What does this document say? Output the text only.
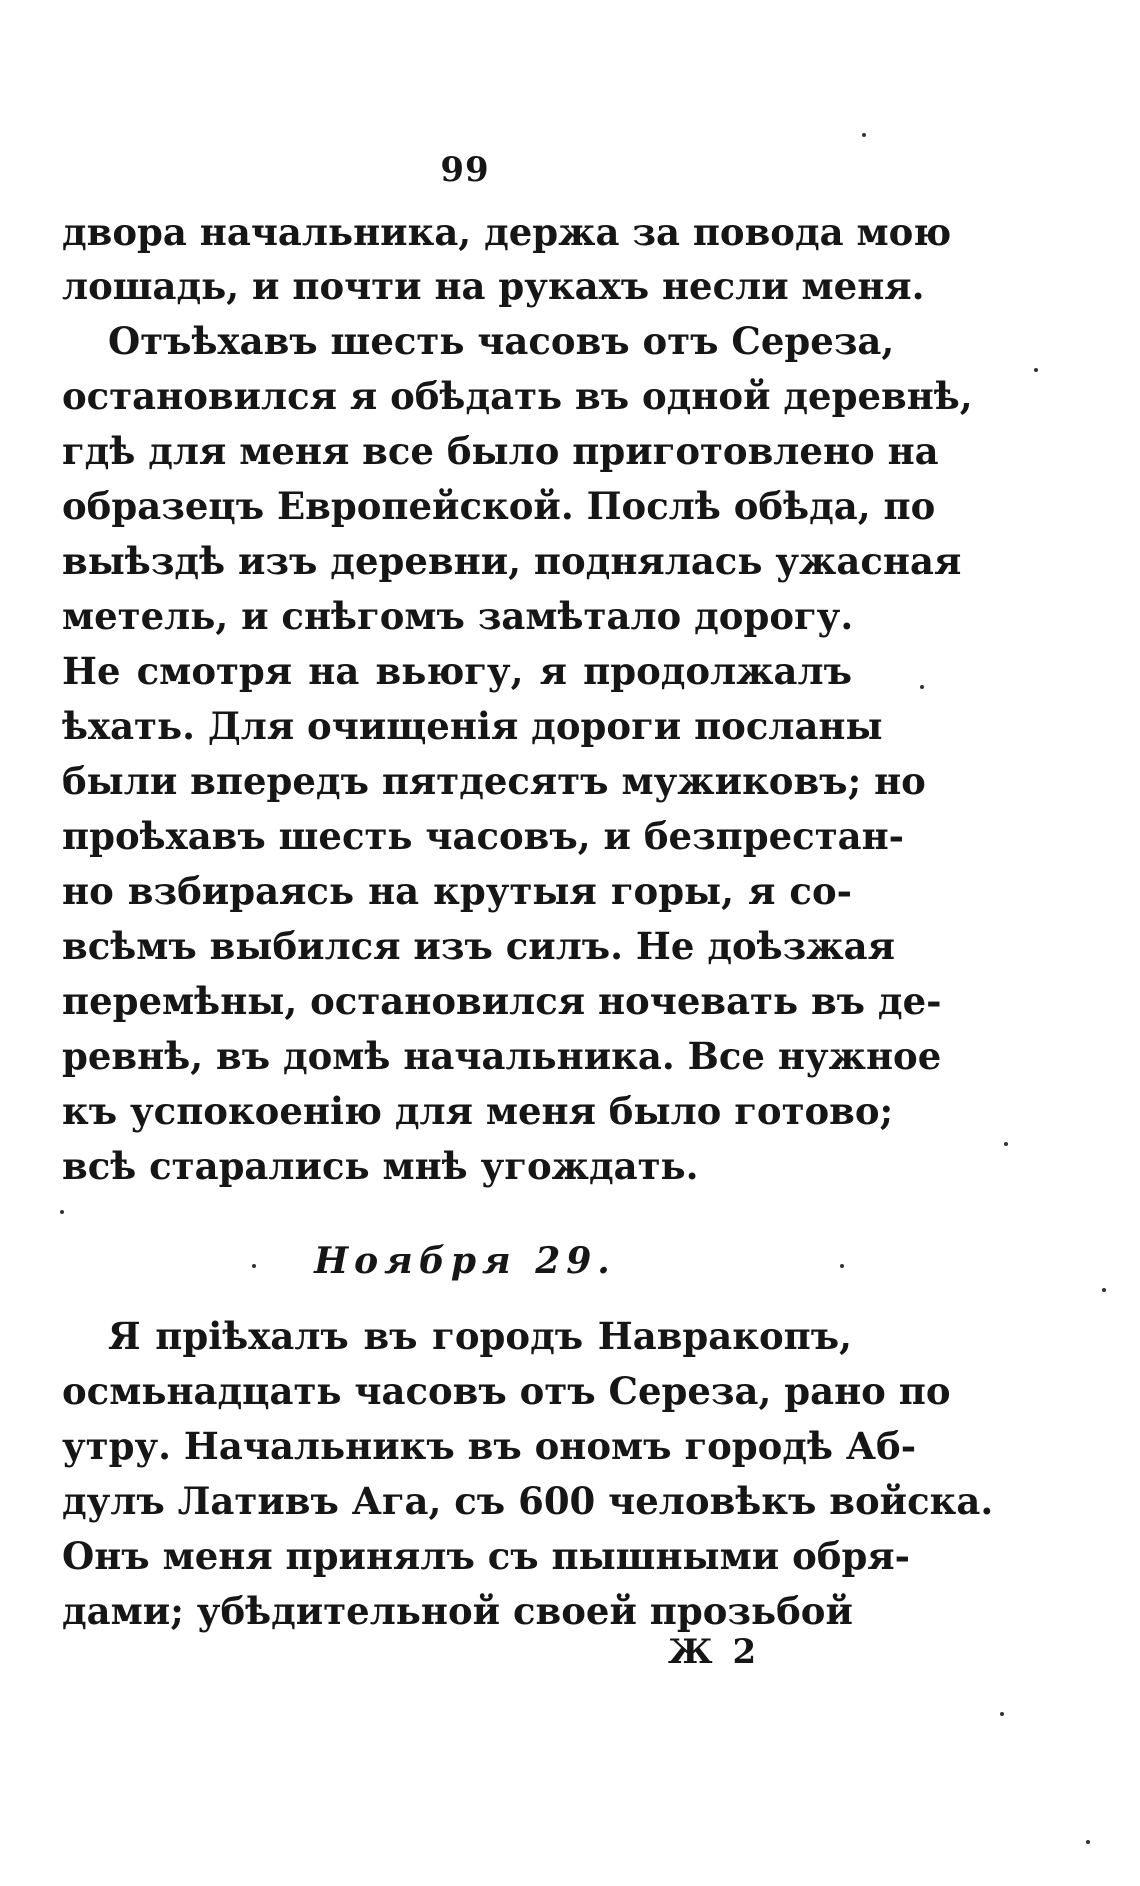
99
двора начальника, держа за повода мою
лошадь, и почти на рукахъ несли меня.
Отъѣхавъ шесть часовъ отъ Сереза,
остановился я обѣдать въ одной деревнѣ,
гдѣ для меня все было приготовлено на
образецъ Европейской. Послѣ обѣда, по
выѣздѣ изъ деревни, поднялась ужасная
метель, и снѣгомъ замѣтало дорогу.
Не смотря на вьюгу, я продолжалъ
ѣхать. Для очищенія дороги посланы
были впередъ пятдесятъ мужиковъ; но
проѣхавъ шесть часовъ, и безпрестан-
но взбираясь на крутыя горы, я со-
всѣмъ выбился изъ силъ. Не доѣзжая
перемѣны, остановился ночевать въ де-
ревнѣ, въ домѣ начальника. Все нужное
къ успокоенію для меня было готово;
всѣ старались мнѣ угождать.
Ноября 29.
Я пріѣхалъ въ городъ Навракопъ,
осмьнадцать часовъ отъ Сереза, рано по
утру. Начальникъ въ ономъ городѣ Аб-
дулъ Лативъ Ага, съ 600 человѣкъ войска.
Онъ меня принялъ съ пышными обря-
дами; убѣдительной своей прозьбой
Ж 2
